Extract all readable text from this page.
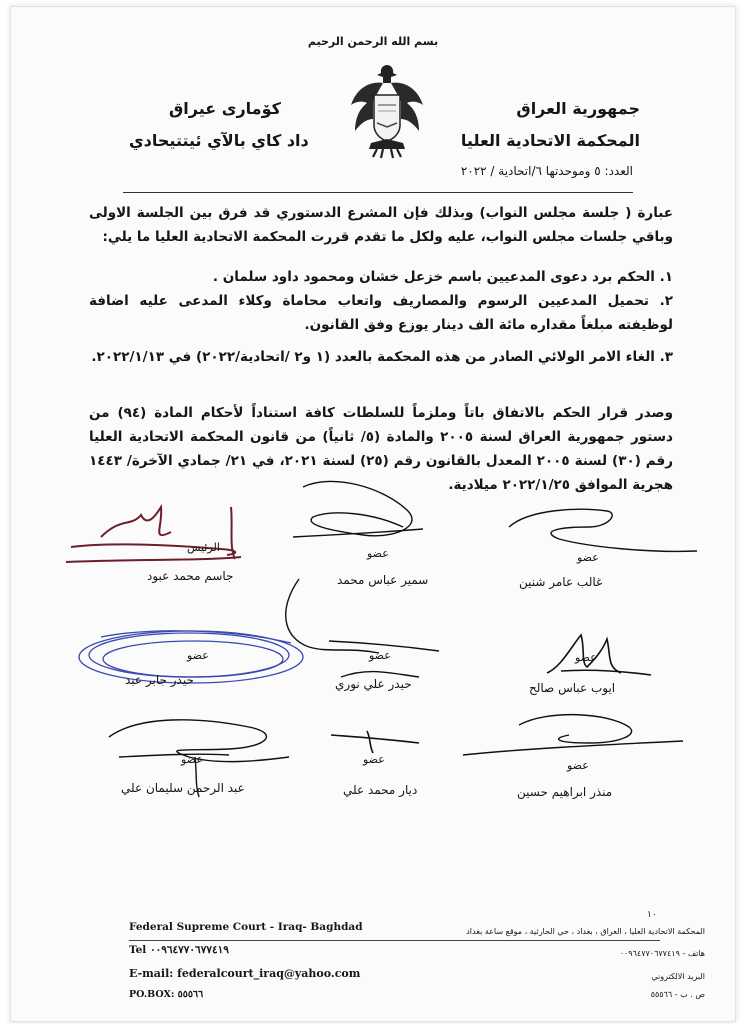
بسم الله الرحمن الرحيم
جمهورية العراق
المحكمة الاتحادية العليا
كوٚماری عیراق
داد كاي بالآي ئيتتيحادي
العدد: ٥ وموحدتها ٦/اتحادية / ٢٠٢٢
عبارة ( جلسة مجلس النواب) وبذلك فإن المشرع الدستوري قد فرق بين الجلسة الاولى وباقي جلسات مجلس النواب، عليه ولكل ما تقدم قررت المحكمة الاتحادية العليا ما يلي:
١. الحكم برد دعوى المدعيين باسم خزعل خشان ومحمود داود سلمان .
٢. تحميل المدعيين الرسوم والمصاريف واتعاب محاماة وكلاء المدعى عليه اضافة لوظيفته مبلغاً مقداره مائة الف دينار يوزع وفق القانون.
٣. الغاء الامر الولائي الصادر من هذه المحكمة بالعدد (١ و٢ /اتحادية/٢٠٢٢) في ٢٠٢٢/١/١٣.
وصدر قرار الحكم بالاتفاق باتاً وملزماً للسلطات كافة استناداً لأحكام المادة (٩٤) من دستور جمهورية العراق لسنة ٢٠٠٥ والمادة (٥/ ثانياً) من قانون المحكمة الاتحادية العليا رقم (٣٠) لسنة ٢٠٠٥ المعدل بالقانون رقم (٢٥) لسنة ٢٠٢١، في ٢١/ جمادي الآخرة/ ١٤٤٣ هجرية الموافق ٢٠٢٢/١/٢٥ ميلادية.
الرئيس
جاسم محمد عبود
عضو
سمير عباس محمد
عضو
غالب عامر شنين
عضو
حيدر جابر عبد
عضو
حيدر علي نوري
عضو
ايوب عباس صالح
عضو
عبد الرحمن سليمان علي
عضو
ديار محمد علي
عضو
منذر ابراهيم حسين
١٠
Federal Supreme Court - Iraq- Baghdad
Tel ٠٠٩٦٤٧٧٠٦٧٧٤١٩
E-mail: federalcourt_iraq@yahoo.com
PO.BOX: ٥٥٥٦٦
المحكمة الاتحادية العليا ، العراق ، بغداد ، حي الحارثية ، موقع ساعة بغداد
هاتف - ٠٠٩٦٤٧٧٠٦٧٧٤١٩
البريد الالكتروني
ص . ب - ٥٥٥٦٦
